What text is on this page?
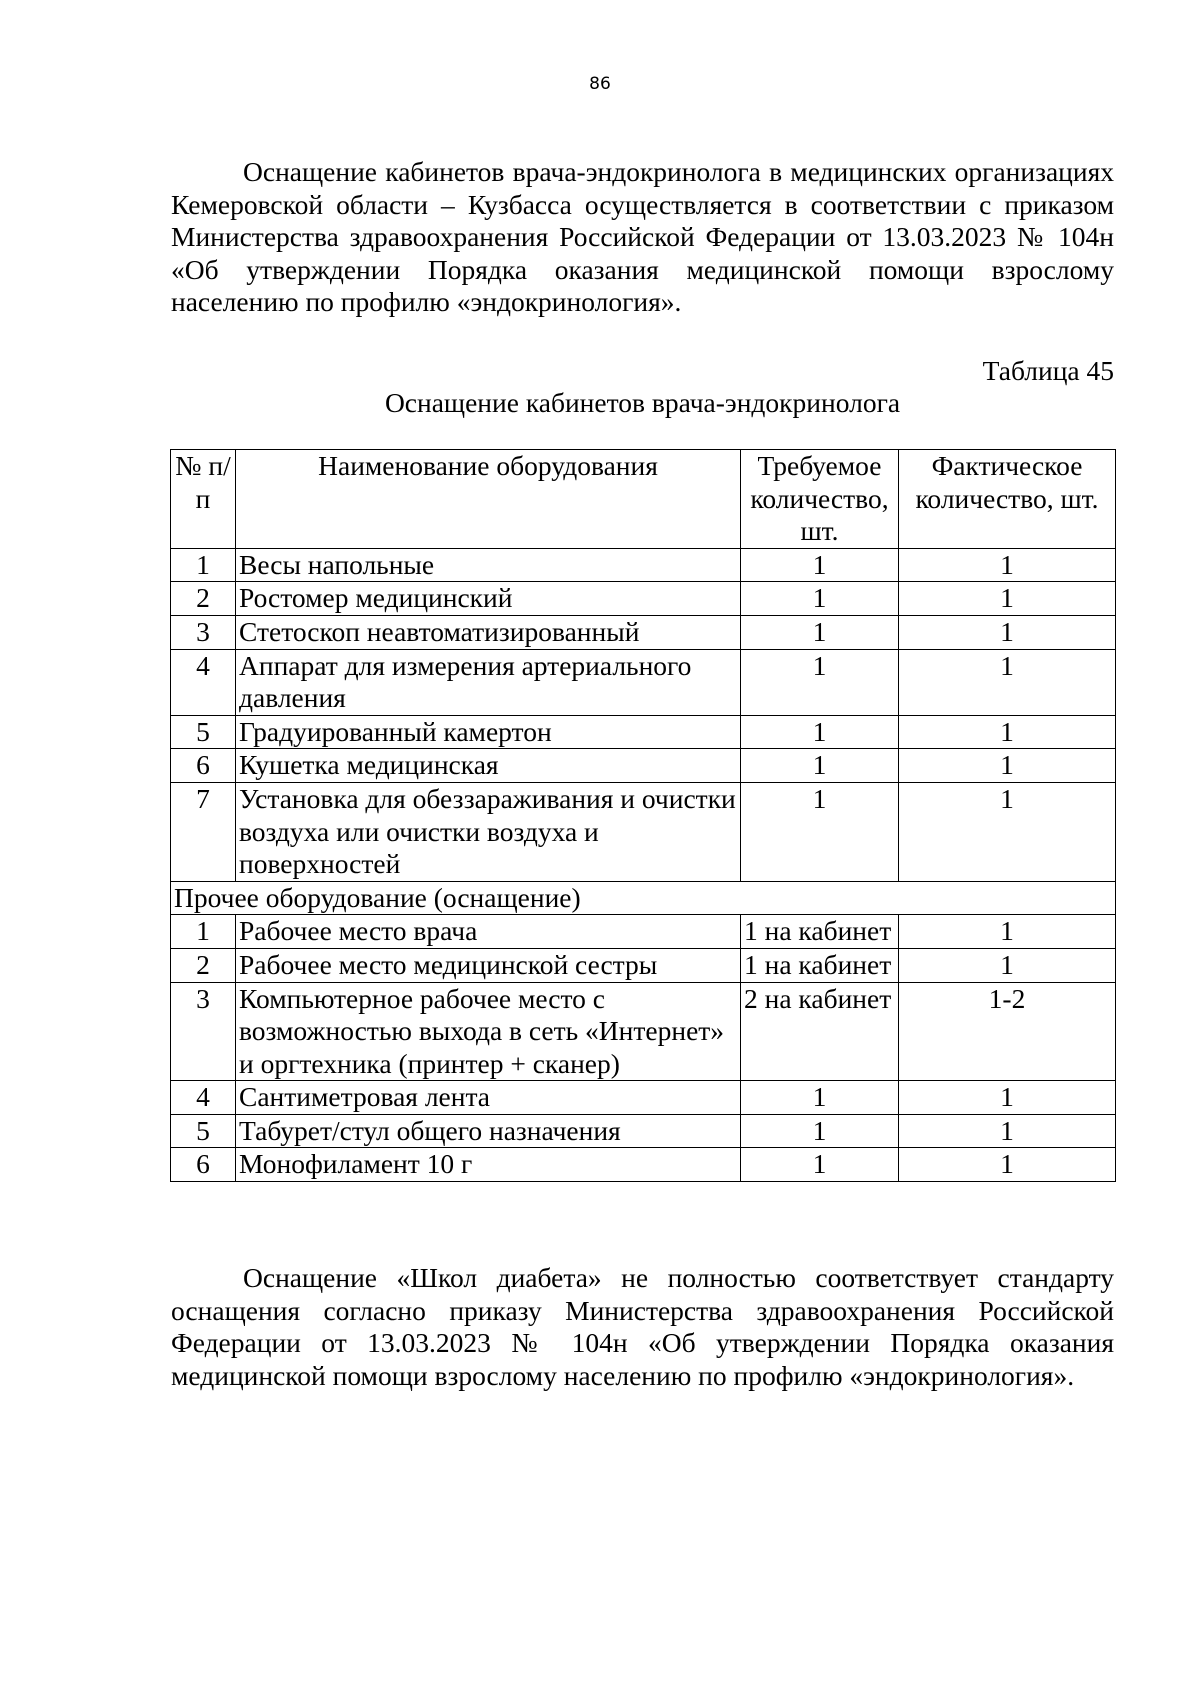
86

Оснащение кабинетов врача-эндокринолога в медицинских организациях Кемеровской области – Кузбасса осуществляется в соответствии с приказом Министерства здравоохранения Российской Федерации от 13.03.2023 № 104н «Об утверждении Порядка оказания медицинской помощи взрослому населению по профилю «эндокринология».

Таблица 45
Оснащение кабинетов врача-эндокринолога
№ п/п	Наименование оборудования	Требуемое количество, шт.	Фактическое количество, шт.
1	Весы напольные	1	1
2	Ростомер медицинский	1	1
3	Стетоскоп неавтоматизированный	1	1
4	Аппарат для измерения артериального давления	1	1
5	Градуированный камертон	1	1
6	Кушетка медицинская	1	1
7	Установка для обеззараживания и очистки воздуха или очистки воздуха и поверхностей	1	1
Прочее оборудование (оснащение)			
1	Рабочее место врача	1 на кабинет	1
2	Рабочее место медицинской сестры	1 на кабинет	1
3	Компьютерное рабочее место с возможностью выхода в сеть «Интернет» и оргтехника (принтер + сканер)	2 на кабинет	1-2
4	Сантиметровая лента	1	1
5	Табурет/стул общего назначения	1	1
6	Монофиламент 10 г	1	1

Оснащение «Школ диабета» не полностью соответствует стандарту оснащения согласно приказу Министерства здравоохранения Российской Федерации от 13.03.2023 № 104н «Об утверждении Порядка оказания медицинской помощи взрослому населению по профилю «эндокринология».
